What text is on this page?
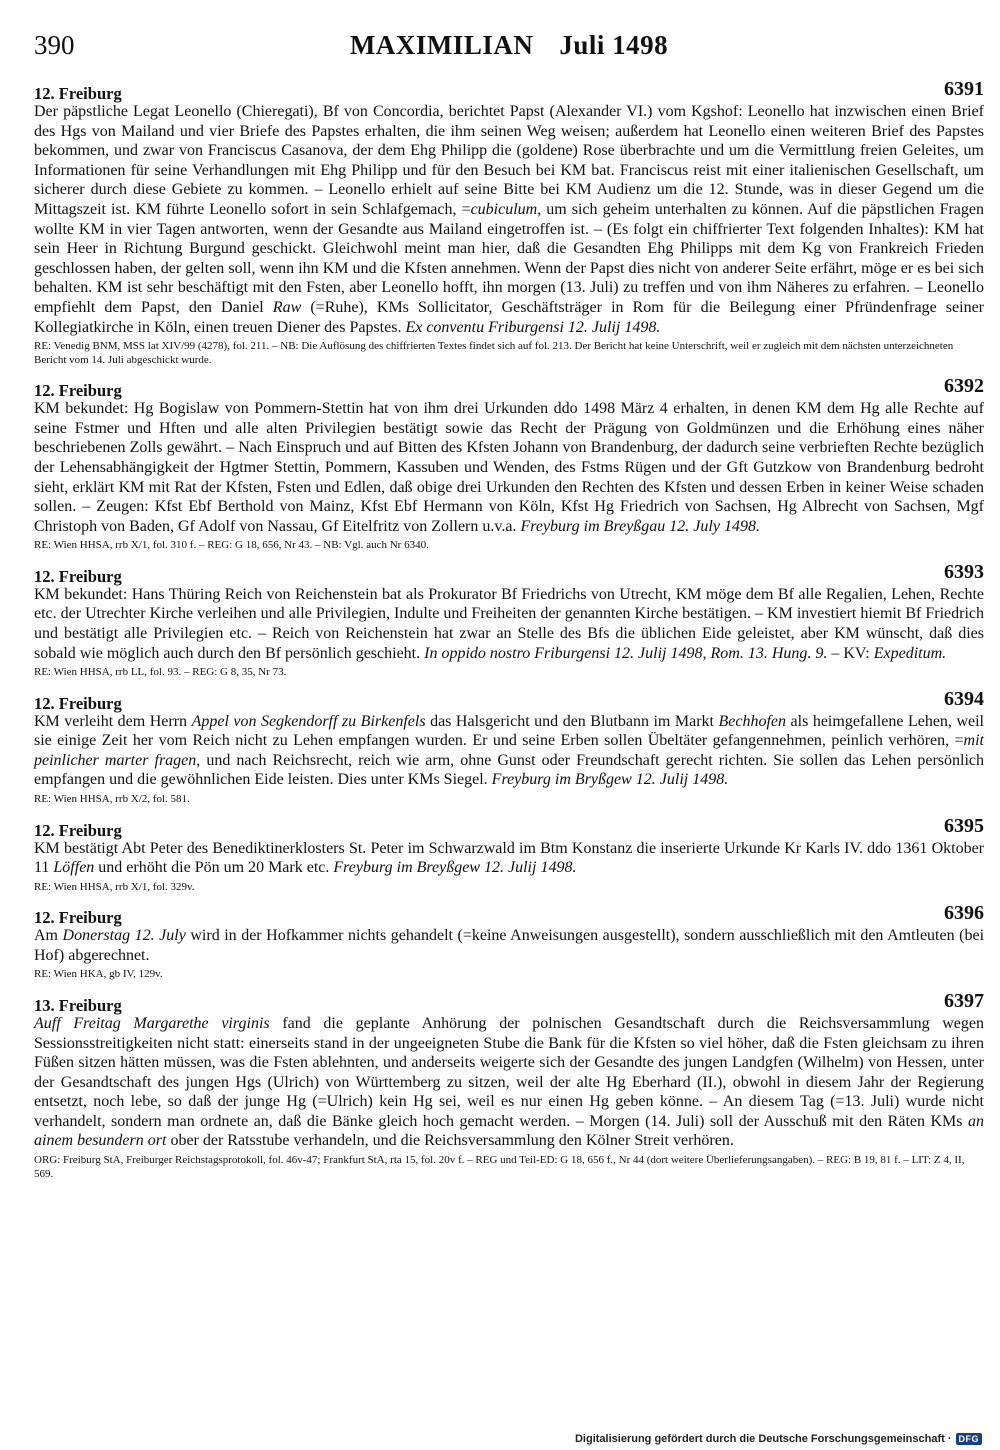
390	MAXIMILIAN Juli 1498
12. Freiburg	6391

Der päpstliche Legat Leonello (Chieregati), Bf von Concordia, berichtet Papst (Alexander VI.) vom Kgshof: Leonello hat inzwischen einen Brief des Hgs von Mailand und vier Briefe des Papstes erhalten, die ihm seinen Weg weisen; außerdem hat Leonello einen weiteren Brief des Papstes bekommen, und zwar von Franciscus Casanova, der dem Ehg Philipp die (goldene) Rose überbrachte und um die Vermittlung freien Geleites, um Informationen für seine Verhandlungen mit Ehg Philipp und für den Besuch bei KM bat. Franciscus reist mit einer italienischen Gesellschaft, um sicherer durch diese Gebiete zu kommen. – Leonello erhielt auf seine Bitte bei KM Audienz um die 12. Stunde, was in dieser Gegend um die Mittagszeit ist. KM führte Leonello sofort in sein Schlafgemach, =cubiculum, um sich geheim unterhalten zu können. Auf die päpstlichen Fragen wollte KM in vier Tagen antworten, wenn der Gesandte aus Mailand eingetroffen ist. – (Es folgt ein chiffrierter Text folgenden Inhaltes): KM hat sein Heer in Richtung Burgund geschickt. Gleichwohl meint man hier, daß die Gesandten Ehg Philipps mit dem Kg von Frankreich Frieden geschlossen haben, der gelten soll, wenn ihn KM und die Kfsten annehmen. Wenn der Papst dies nicht von anderer Seite erfährt, möge er es bei sich behalten. KM ist sehr beschäftigt mit den Fsten, aber Leonello hofft, ihn morgen (13. Juli) zu treffen und von ihm Näheres zu erfahren. – Leonello empfiehlt dem Papst, den Daniel Raw (=Ruhe), KMs Sollicitator, Geschäftsträger in Rom für die Beilegung einer Pfründenfrage seiner Kollegiatkirche in Köln, einen treuen Diener des Papstes. Ex conventu Friburgensi 12. Julij 1498.

RE: Venedig BNM, MSS lat XIV/99 (4278), fol. 211. – NB: Die Auflösung des chiffrierten Textes findet sich auf fol. 213. Der Bericht hat keine Unterschrift, weil er zugleich mit dem nächsten unterzeichneten Bericht vom 14. Juli abgeschickt wurde.
12. Freiburg	6392

KM bekundet: Hg Bogislaw von Pommern-Stettin hat von ihm drei Urkunden ddo 1498 März 4 erhalten, in denen KM dem Hg alle Rechte auf seine Fstmer und Hften und alle alten Privilegien bestätigt sowie das Recht der Prägung von Goldmünzen und die Erhöhung eines näher beschriebenen Zolls gewährt. – Nach Einspruch und auf Bitten des Kfsten Johann von Brandenburg, der dadurch seine verbrieften Rechte bezüglich der Lehensabhängigkeit der Hgtmer Stettin, Pommern, Kassuben und Wenden, des Fstms Rügen und der Gft Gutzkow von Brandenburg bedroht sieht, erklärt KM mit Rat der Kfsten, Fsten und Edlen, daß obige drei Urkunden den Rechten des Kfsten und dessen Erben in keiner Weise schaden sollen. – Zeugen: Kfst Ebf Berthold von Mainz, Kfst Ebf Hermann von Köln, Kfst Hg Friedrich von Sachsen, Hg Albrecht von Sachsen, Mgf Christoph von Baden, Gf Adolf von Nassau, Gf Eitelfritz von Zollern u.v.a. Freyburg im Breyßgau 12. July 1498.

RE: Wien HHSA, rrb X/1, fol. 310 f. – REG: G 18, 656, Nr 43. – NB: Vgl. auch Nr 6340.
12. Freiburg	6393

KM bekundet: Hans Thüring Reich von Reichenstein bat als Prokurator Bf Friedrichs von Utrecht, KM möge dem Bf alle Regalien, Lehen, Rechte etc. der Utrechter Kirche verleihen und alle Privilegien, Indulte und Freiheiten der genannten Kirche bestätigen. – KM investiert hiemit Bf Friedrich und bestätigt alle Privilegien etc. – Reich von Reichenstein hat zwar an Stelle des Bfs die üblichen Eide geleistet, aber KM wünscht, daß dies sobald wie möglich auch durch den Bf persönlich geschieht. In oppido nostro Friburgensi 12. Julij 1498, Rom. 13. Hung. 9. – KV: Expeditum.

RE: Wien HHSA, rrb LL, fol. 93. – REG: G 8, 35, Nr 73.
12. Freiburg	6394

KM verleiht dem Herrn Appel von Segkendorff zu Birkenfels das Halsgericht und den Blutbann im Markt Bechhofen als heimgefallene Lehen, weil sie einige Zeit her vom Reich nicht zu Lehen empfangen wurden. Er und seine Erben sollen Übeltäter gefangennehmen, peinlich verhören, =mit peinlicher marter fragen, und nach Reichsrecht, reich wie arm, ohne Gunst oder Freundschaft gerecht richten. Sie sollen das Lehen persönlich empfangen und die gewöhnlichen Eide leisten. Dies unter KMs Siegel. Freyburg im Bryßgew 12. Julij 1498.

RE: Wien HHSA, rrb X/2, fol. 581.
12. Freiburg	6395

KM bestätigt Abt Peter des Benediktinerklosters St. Peter im Schwarzwald im Btm Konstanz die inserierte Urkunde Kr Karls IV. ddo 1361 Oktober 11 Löffen und erhöht die Pön um 20 Mark etc. Freyburg im Breyßgew 12. Julij 1498.

RE: Wien HHSA, rrb X/1, fol. 329v.
12. Freiburg	6396

Am Donerstag 12. July wird in der Hofkammer nichts gehandelt (=keine Anweisungen ausgestellt), sondern ausschließlich mit den Amtleuten (bei Hof) abgerechnet.

RE: Wien HKA, gb IV, 129v.
13. Freiburg	6397

Auff Freitag Margarethe virginis fand die geplante Anhörung der polnischen Gesandtschaft durch die Reichsversammlung wegen Sessionsstreitigkeiten nicht statt: einerseits stand in der ungeeigneten Stube die Bank für die Kfsten so viel höher, daß die Fsten gleichsam zu ihren Füßen sitzen hätten müssen, was die Fsten ablehnten, und anderseits weigerte sich der Gesandte des jungen Landgfen (Wilhelm) von Hessen, unter der Gesandtschaft des jungen Hgs (Ulrich) von Württemberg zu sitzen, weil der alte Hg Eberhard (II.), obwohl in diesem Jahr der Regierung entsetzt, noch lebe, so daß der junge Hg (=Ulrich) kein Hg sei, weil es nur einen Hg geben könne. – An diesem Tag (=13. Juli) wurde nicht verhandelt, sondern man ordnete an, daß die Bänke gleich hoch gemacht werden. – Morgen (14. Juli) soll der Ausschuß mit den Räten KMs an ainem besundern ort ober der Ratsstube verhandeln, und die Reichsversammlung den Kölner Streit verhören.

ORG: Freiburg StA, Freiburger Reichstagsprotokoll, fol. 46v-47; Frankfurt StA, rta 15, fol. 20v f. – REG und Teil-ED: G 18, 656 f., Nr 44 (dort weitere Überlieferungsangaben). – REG: B 19, 81 f. – LIT: Z 4, II, 569.
Digitalisierung gefördert durch die Deutsche Forschungsgemeinschaft · DFG
